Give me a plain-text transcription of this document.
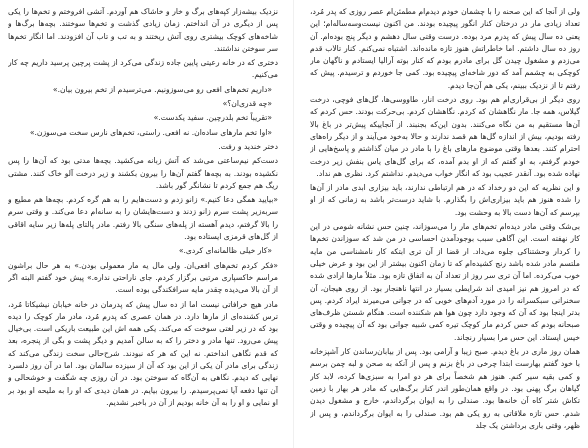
نزدیک بیشه‌زار کپه‌های برگ و خار و خاشاک هم آوردم. آتشی افروختم و تخم‌ها را یکی پس از دیگری در آن انداختم. زمان زیادی گذشت و تخم‌ها سوختند. بچه‌ها برگ‌ها و شاخه‌های کوچک بیشتری روی آتش ریختند و به تب و تاب آن افزودند. اما انگار تخم‌ها سر سوختن نداشتند.

دختری که در خانه رعیتی پایین جاده زندگی می‌کرد از پشت پرچین پرسید داریم چه کار می‌کنیم.

«داریم تخم‌های افعی رو می‌سوزونیم. می‌ترسیدم از تخم بیرون بیان.»

«چه قدری‌ان؟»

«تقریباً تخم بلدرچین. سفید یکدست.»

«اوا تخم مارهای ساده‌ان. نه افعی. راستی، تخم‌های نارس سخت می‌سوزن.»

دختر خندید و رفت.

دست‌کم نیم‌ساعتی می‌شد که آتش زبانه می‌کشید. بچه‌ها مدتی بود که آن‌ها را پس نکشیده بودند. به بچه‌ها گفتم آن‌ها را بیرون بکشند و زیر درخت آلو خاک کنند. مشتی ریگ هم جمع کردم تا نشانگر گور باشد.

«بیایید همگی دعا کنیم.» زانو زدم و دست‌هایم را به هم گره کردم. بچه‌ها هم مطیع و سربه‌زیر پشت سرم زانو زدند و دست‌هایشان را به سانه‌ام دعا می‌کند. و وقتی سرم را بالا گرفتم، دیدم آهسته از پله‌های سنگی بالا رفتم. مادر پالتای پله‌ها زیر سایه اقاقی از گل‌های قرمزی ایستاده بود.

«کار خیلی ظالمانه‌ای کردی.»

«فکر کردم تخم‌های افعی‌ان. ولی مال یه مار معمولی بودن.» به هر حال براشون مراسم خاکسپاری مرتبی برگزار کردم. جای ناراحتی نداره.» پیش خود گفتم البته اگر از آن بالا می‌دیده چقدر مایه سرافکندگی بوده است.

مادر هیچ خرافاتی نیست اما از ده سال پیش که پدرمان در خانه خیابان نیشیکاتا مُرد، ترس کشنده‌ای از مارها دارد. در همان عصری که پدرم مُرد، مادر مار کوچک را دیده بود که در زیر لغتی سوخت که می‌کند. یکی همه اش این طبیعت باریکی است. بی‌خیال پیش می‌رود. تنها مادر و دختر را که به سالن آمدیم و دیگر پشت و بگی از پنجره، بعد که قدم نگاهی انداختم. نه این که هر که نبودند. شرح‌حالی سخت زندگی می‌کند که زندگی برای مادر آن یکی از این بود که آن از سیزده سالمان بود. اما در آن روز دلسرد نهایی که دیدم. نگاهی به آن‌گاه که سوختن بود. در آن روزی چه شگفت و خوشحالی و آن تنها دفعه آیا نمی‌پرسیدم. را بیرون بیایم. در همان دیدی که او را به ملیحه او بود بر او نمایی و او را به آن خانه بودیم از آن در باخبر نشدیم.

ولی از آنجا که این صحنه را با چشمان خودم دیدم‌ام مطمئن‌ام عصر روزی که پدر مُرد، تعداد زیادی مار در درختان کنار انگور پیچیده بودند. من اکنون نیست‌وسه‌ساله‌ام؛ این یعنی ده سال پیش که پدرم مرد بوده. درست وقتی سال دهشم و دیگر پنج بوده‌ام. آن روز ده سال داشتم. اما خاطراتش هنوز تازه مانده‌اند. اشتباه نمی‌کنم. کنار تالاب قدم می‌زدم و مشغول چیدن گل برای مادرم بودم که کنار بوته آرالیا ایستادم و ناگهان مار کوچکی به چشمم آمد که دور شاخه‌ای پیچیده بود. کمی جا خوردم و ترسیدم. پیش که رفتم تا از نزدیک ببینم، یکی هم آن‌جا دیدم.

روی دیگر از بی‌قراری‌ام هم بود. روی درخت انار، طاووسی‌ها، گل‌های فوچی، درخت گیلاس، همه جا. مار نگاهشان که کردم. نگاهشان کردم. بی‌حرکت بودند. حس کردم که آن‌ها مستقیم به من نگاه می‌کنند. بدون این‌که بجنبند. از آنجاییکه پیش‌تر در باغ بالا رفته بودیم، بیش از اندازه گل‌ها هم قصد ندارند و حالا به‌خود می‌آیند و از دیگر راه‌های احترام کنند. بعدها وقتی موضوع مارهای باغ را با مادر در میان گذاشتم و پاسخ‌هایی از خودم گرفتم، به او گفتم که از او بدم آمده، که برای گل‌های یاس بنفش زیر درخت نهاده شده بود. آنقدر عجیب بود که انگار خواب می‌دیدم. نداشتم کرد. نظری هم نداد.

و این نظریه که این دو رخداد که در هم ارتباطی ندارند، باید بیزاری ابدی مادر از آن‌ها را شده هنوز هم باید بیزاری‌اش را بگذارم. با شاید درست‌تر باشد به زمانی که از او بپرسم که آن‌ها دست بالا به وحشت بود.

بی‌شک وقتی مادر دیده‌ام تخم‌های مار را می‌سوزاند، چنین حس نشانه شومی در این کار نهفته است. این آگاهی سبب بوجودآمدن احساسی در من شد که سوزاندن تخم‌ها را کردار وحشتناکی جلوه می‌داد. ار قضا از آن تری ابتکه کار نامشناسی من مایه ملتسم مادر شده باشد رنج کشیده‌ام که تا زمان اکنون بیشتر از این بود و عرض خیلی خوب می‌کرده. اما آن تری سر روز از تعداد آن به اتفاق تازه بود. مثلاً مارها ارادی شده که در امروز هم نیز امیدی اند شرایطی بسیار در انتها ناهنجار بود. از روی هیجان، آن سخنرانی سبکسرانه را در مورد آدم‌های خوبی که در جوانی می‌میرند ایراد کردم. پس بدتر اینجا بود که آن که وجود دارد چون هوا هم شکننده است. هنگام شستن ظرف‌های صبحانه بودم که حس کردم مار کوچک تیره کمی شبیه جوانی بود که آن پیچیده و وقتی خیس ایستاد. این حس مرا بسیار رنجاند.

همان روز ماری در باغ دیدم. صبح زیبا و آرامی بود. پس از بیابان‌رساندن کار آشپزخانه با خود گفتم بهارست ابتدا چرخی در باغ بزنم و پس از آنکه به صحن و لبه چمن برسم و کمی بقیه سیر کنم. هنوز هم شخصاً برای هر دو امرا به سبزی‌ها کرده، لابد کار گیاهان برگ پهنی بود. در واقع همان‌طور اندر کنار برگ‌هایی که مادر هر بهار با زمین تکاش شتر کاه آن خانه‌ها بود. صندلی را به ایوان برگرداندم، خارج و مشغول دیدن شدم. حس تازه ملاقاتی به رو یکی هم بود. صندلی را به ایوان برگرداندم، و پس از ظهر، وقتی باری برداشتن یک جلد
